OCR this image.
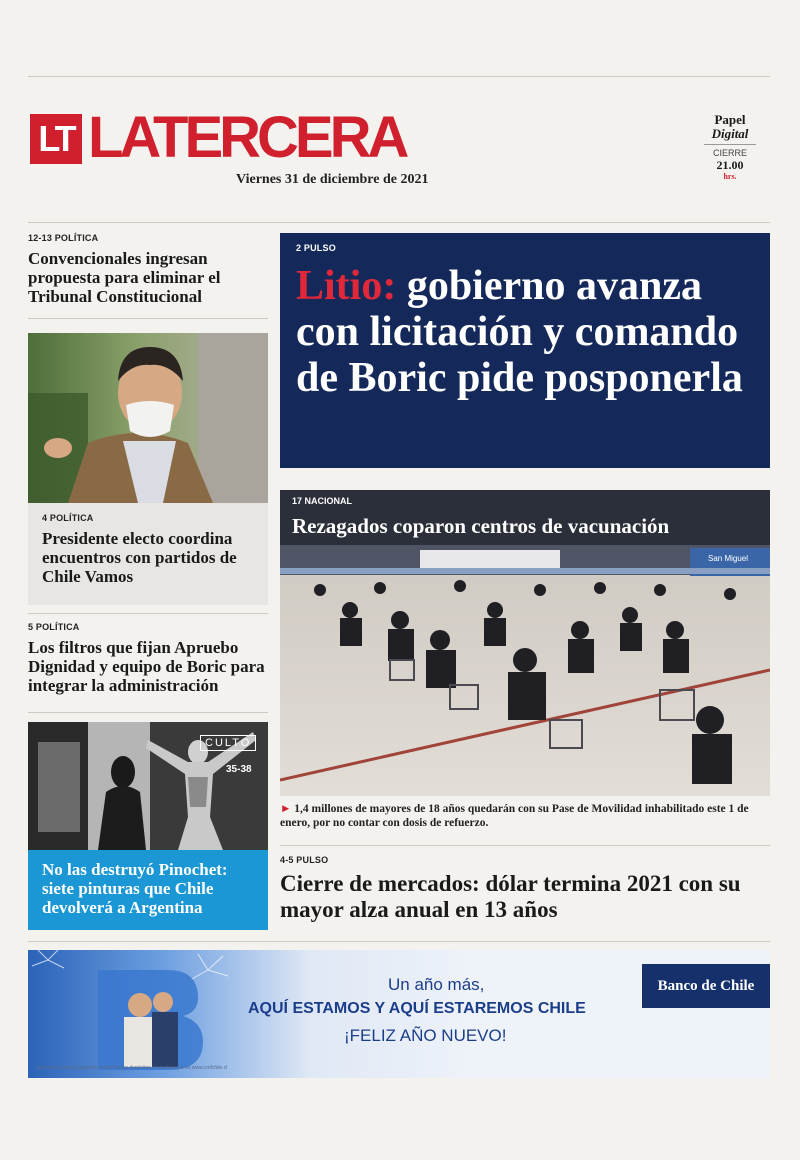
LT LATERCERA
Viernes 31 de diciembre de 2021
Papel
Digital
CIERRE
21.00
hrs.
12-13 POLÍTICA
Convencionales ingresan propuesta para eliminar el Tribunal Constitucional
4 POLÍTICA
Presidente electo coordina encuentros con partidos de Chile Vamos
5 POLÍTICA
Los filtros que fijan Apruebo Dignidad y equipo de Boric para integrar la administración
CULTO
35-38
No las destruyó Pinochet: siete pinturas que Chile devolverá a Argentina
2 PULSO
Litio: gobierno avanza con licitación y comando de Boric pide posponerla
17 NACIONAL
Rezagados coparon centros de vacunación
San Miguel
► 1,4 millones de mayores de 18 años quedarán con su Pase de Movilidad inhabilitado este 1 de enero, por no contar con dosis de refuerzo.
4-5 PULSO
Cierre de mercados: dólar termina 2021 con su mayor alza anual en 13 años
Un año más,
AQUÍ ESTAMOS Y AQUÍ ESTAREMOS CHILE
¡FELIZ AÑO NUEVO!
Banco de Chile
Infórmese sobre la garantía estatal de los depósitos en su banco o en www.cmfchile.cl
